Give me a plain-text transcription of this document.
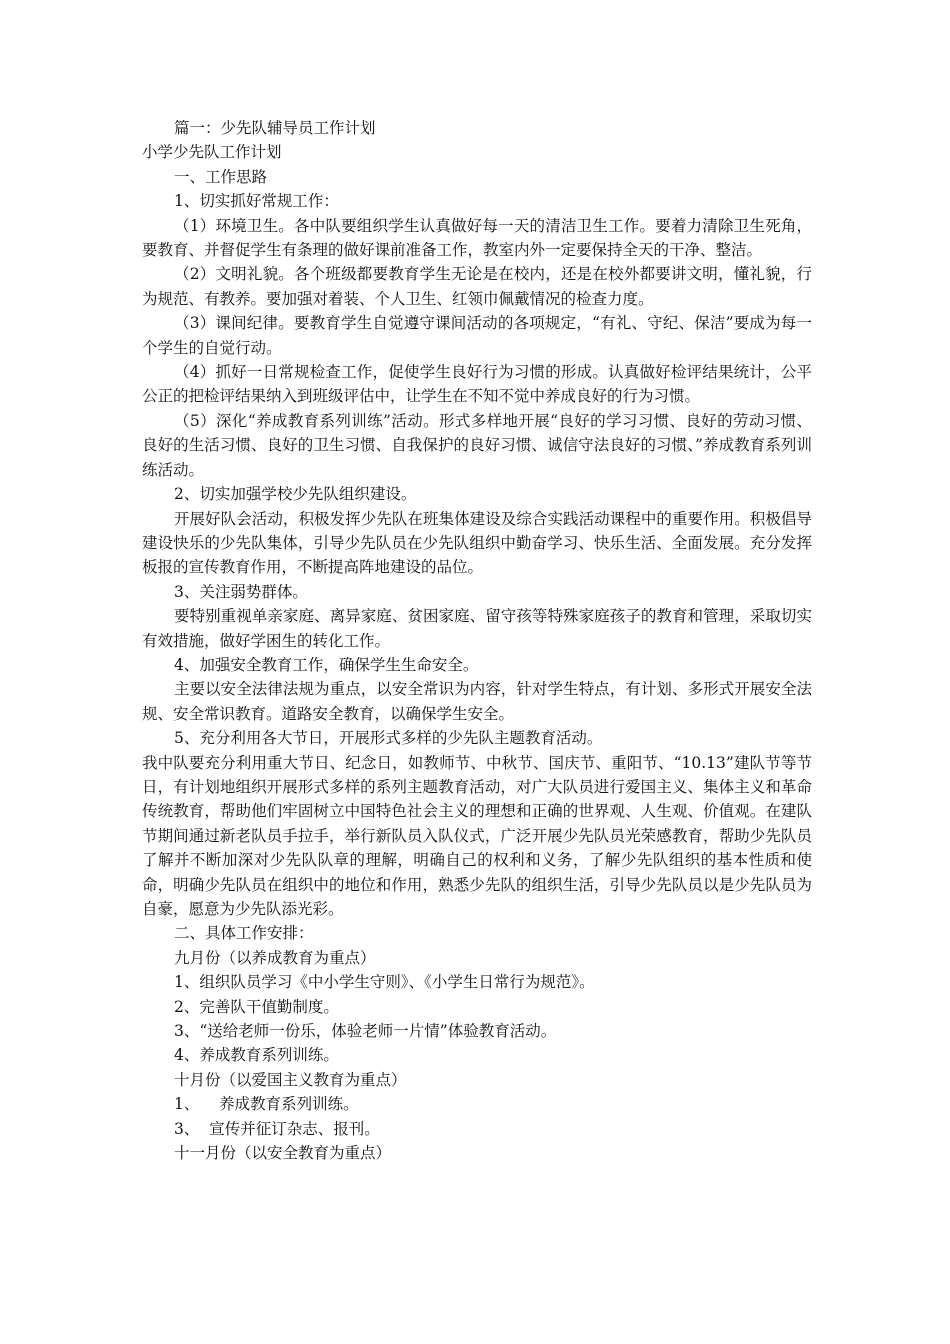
篇一：少先队辅导员工作计划

小学少先队工作计划

一、工作思路

1、切实抓好常规工作：

（1）环境卫生。各中队要组织学生认真做好每一天的清洁卫生工作。要着力清除卫生死角，要教育、并督促学生有条理的做好课前准备工作，教室内外一定要保持全天的干净、整洁。

（2）文明礼貌。各个班级都要教育学生无论是在校内，还是在校外都要讲文明，懂礼貌，行为规范、有教养。要加强对着装、个人卫生、红领巾佩戴情况的检查力度。

（3）课间纪律。要教育学生自觉遵守课间活动的各项规定，“有礼、守纪、保洁”要成为每一个学生的自觉行动。

（4）抓好一日常规检查工作，促使学生良好行为习惯的形成。认真做好检评结果统计，公平公正的把检评结果纳入到班级评估中，让学生在不知不觉中养成良好的行为习惯。

（5）深化“养成教育系列训练”活动。形式多样地开展“良好的学习习惯、良好的劳动习惯、良好的生活习惯、良好的卫生习惯、自我保护的良好习惯、诚信守法良好的习惯、”养成教育系列训练活动。

2、切实加强学校少先队组织建设。

开展好队会活动，积极发挥少先队在班集体建设及综合实践活动课程中的重要作用。积极倡导建设快乐的少先队集体，引导少先队员在少先队组织中勤奋学习、快乐生活、全面发展。充分发挥板报的宣传教育作用，不断提高阵地建设的品位。

3、关注弱势群体。

要特别重视单亲家庭、离异家庭、贫困家庭、留守孩等特殊家庭孩子的教育和管理，采取切实有效措施，做好学困生的转化工作。

4、加强安全教育工作，确保学生生命安全。

主要以安全法律法规为重点，以安全常识为内容，针对学生特点，有计划、多形式开展安全法规、安全常识教育。道路安全教育，以确保学生安全。

5、充分利用各大节日，开展形式多样的少先队主题教育活动。

我中队要充分利用重大节日、纪念日，如教师节、中秋节、国庆节、重阳节、“10.13”建队节等节日，有计划地组织开展形式多样的系列主题教育活动，对广大队员进行爱国主义、集体主义和革命传统教育，帮助他们牢固树立中国特色社会主义的理想和正确的世界观、人生观、价值观。在建队节期间通过新老队员手拉手，举行新队员入队仪式，广泛开展少先队员光荣感教育，帮助少先队员了解并不断加深对少先队队章的理解，明确自己的权利和义务，了解少先队组织的基本性质和使命，明确少先队员在组织中的地位和作用，熟悉少先队的组织生活，引导少先队员以是少先队员为自豪，愿意为少先队添光彩。

二、具体工作安排：

九月份（以养成教育为重点）

1、组织队员学习《中小学生守则》、《小学生日常行为规范》。

2、完善队干值勤制度。

3、“送给老师一份乐，体验老师一片情”体验教育活动。

4、养成教育系列训练。

十月份（以爱国主义教育为重点）

1、    养成教育系列训练。

3、  宣传并征订杂志、报刊。

十一月份（以安全教育为重点）
